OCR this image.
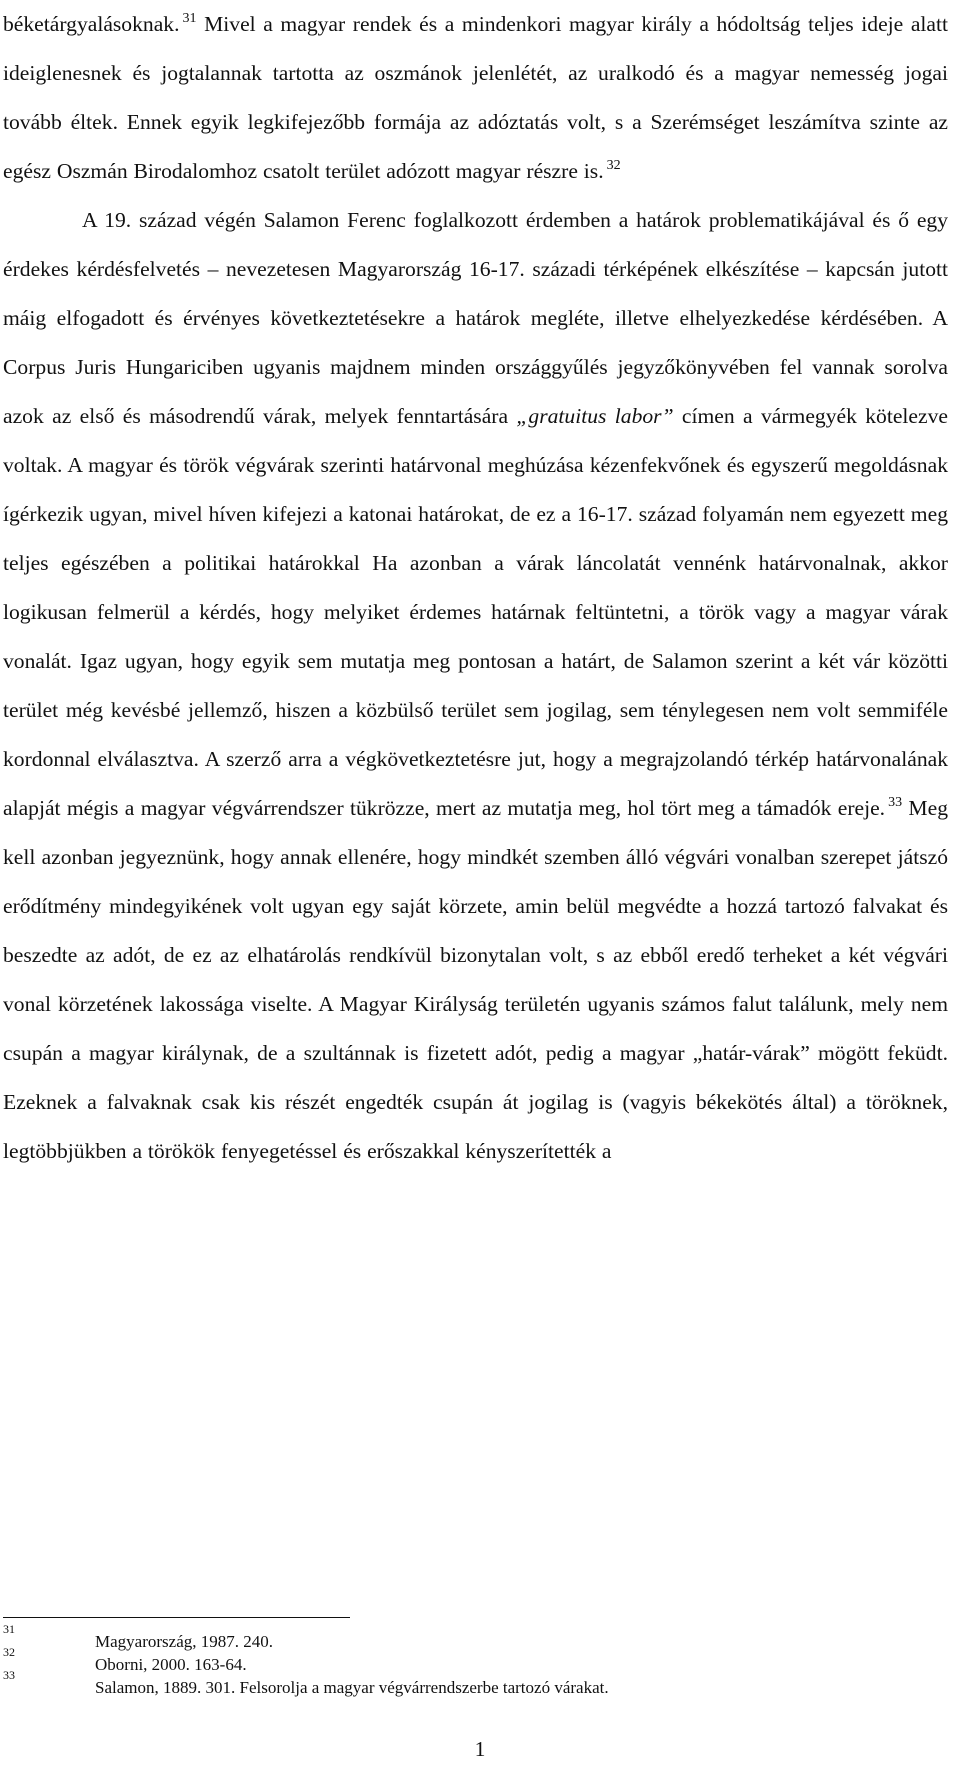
béketárgyalásoknak. $^{31}$ Mivel a magyar rendek és a mindenkori magyar király a hódoltság teljes ideje alatt ideiglenesnek és jogtalannak tartotta az oszmánok jelenlétét, az uralkodó és a magyar nemesség jogai tovább éltek. Ennek egyik legkifejezőbb formája az adóztatás volt, s a Szerémséget leszámítva szinte az egész Oszmán Birodalomhoz csatolt terület adózott magyar részre is. $^{32}$

A 19. század végén Salamon Ferenc foglalkozott érdemben a határok problematikájával és ő egy érdekes kérdésfelvetés – nevezetesen Magyarország 16-17. századi térképének elkészítése – kapcsán jutott máig elfogadott és érvényes következtetésekre a határok megléte, illetve elhelyezkedése kérdésében. A Corpus Juris Hungariciben ugyanis majdnem minden országgyűlés jegyzőkönyvében fel vannak sorolva azok az első és másodrendű várak, melyek fenntartására „gratuitus labor” címen a vármegyék kötelezve voltak. A magyar és török végvárak szerinti határvonal meghúzása kézenfekvőnek és egyszerű megoldásnak ígérkezik ugyan, mivel híven kifejezi a katonai határokat, de ez a 16-17. század folyamán nem egyezett meg teljes egészében a politikai határokkal Ha azonban a várak láncolatát vennénk határvonalnak, akkor logikusan felmerül a kérdés, hogy melyiket érdemes határnak feltüntetni, a török vagy a magyar várak vonalát. Igaz ugyan, hogy egyik sem mutatja meg pontosan a határt, de Salamon szerint a két vár közötti terület még kevésbé jellemző, hiszen a közbülső terület sem jogilag, sem ténylegesen nem volt semmiféle kordonnal elválasztva. A szerző arra a végkövetkeztetésre jut, hogy a megrajzolandó térkép határvonalának alapját mégis a magyar végvárrendszer tükrözze, mert az mutatja meg, hol tört meg a támadók ereje. $^{33}$ Meg kell azonban jegyeznünk, hogy annak ellenére, hogy mindkét szemben álló végvári vonalban szerepet játszó erődítmény mindegyikének volt ugyan egy saját körzete, amin belül megvédte a hozzá tartozó falvakat és beszedte az adót, de ez az elhatárolás rendkívül bizonytalan volt, s az ebből eredő terheket a két végvári vonal körzetének lakossága viselte. A Magyar Királyság területén ugyanis számos falut találunk, mely nem csupán a magyar királynak, de a szultánnak is fizetett adót, pedig a magyar „határ-várak” mögött feküdt. Ezeknek a falvaknak csak kis részét engedték csupán át jogilag is (vagyis békekötés által) a töröknek, legtöbbjükben a törökök fenyegetéssel és erőszakkal kényszerítették a

31
Magyarország, 1987. 240.
32
Oborni, 2000. 163-64.
33
Salamon, 1889. 301. Felsorolja a magyar végvárrendszerbe tartozó várakat.
1
